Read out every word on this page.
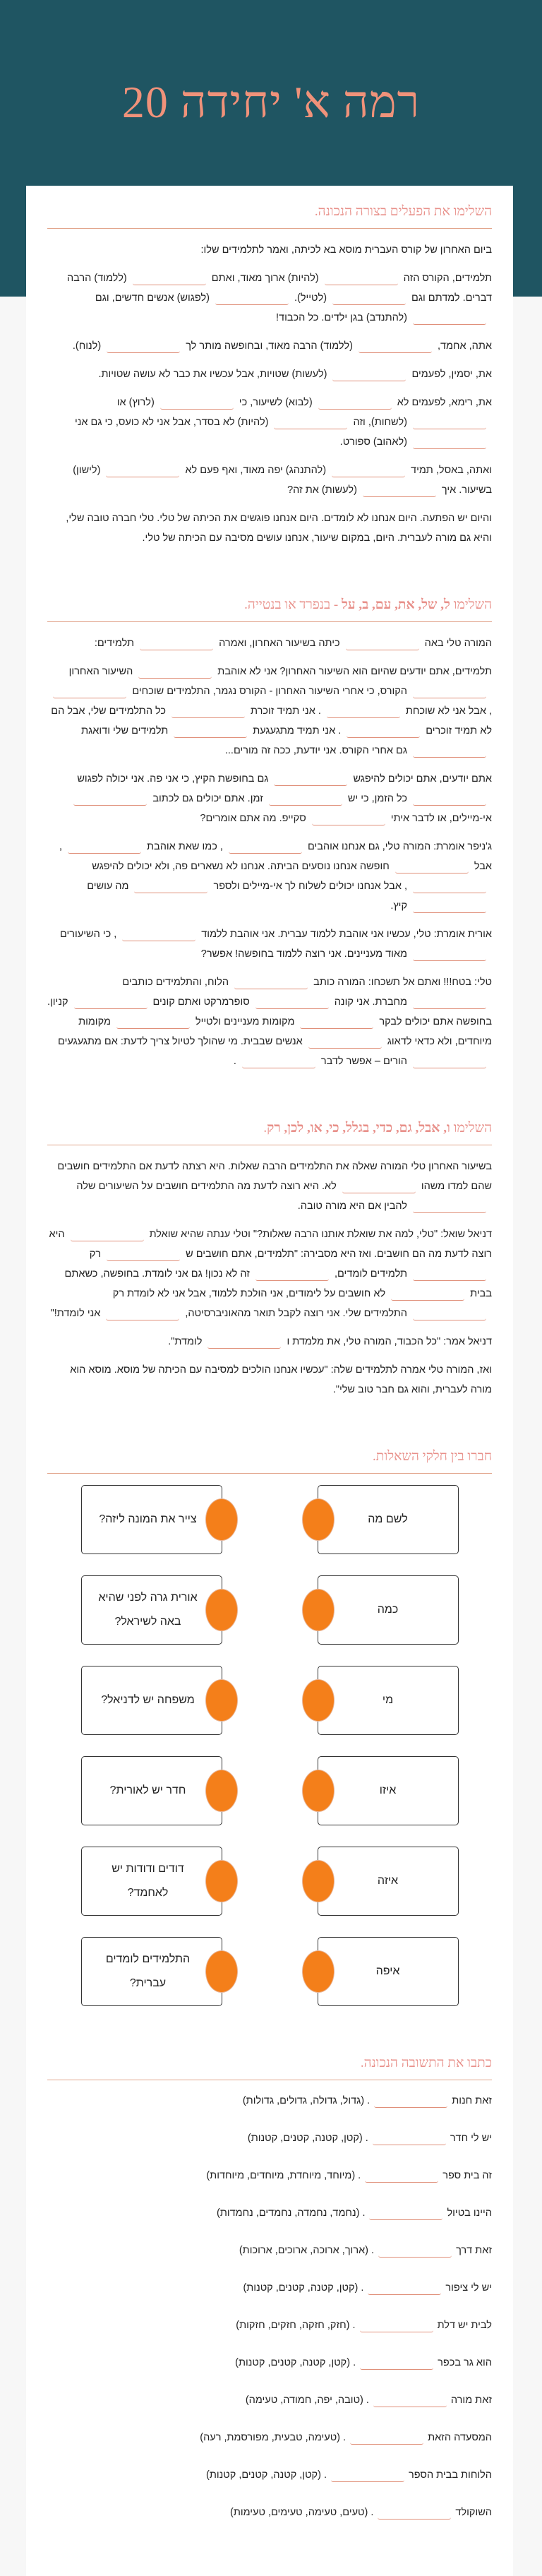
רמה א' יחידה 20
השלימו את הפעלים בצורה הנכונה.
ביום האחרון של קורס העברית מוסא בא לכיתה, ואמר לתלמידים שלו:
תלמידים, הקורס הזה(להיות) ארוך מאוד, ואתם(ללמוד) הרבה דברים. למדתם וגם(לטייל).(לפגוש) אנשים חדשים, וגם(להתנדב) בגן ילדים. כל הכבוד!
אתה, אחמד,(ללמוד) הרבה מאוד, ובחופשה מותר לך(לנוח).
את, יסמין, לפעמים(לעשות) שטויות, אבל עכשיו את כבר לא עושה שטויות.
את, רימא, לפעמים לא(לבוא) לשיעור, כי(לרוץ) או(לשחות), וזה(להיות) לא בסדר, אבל אני לא כועס, כי גם אני(לאהוב) ספורט.
ואתה, באסל, תמיד(להתנהג) יפה מאוד, ואף פעם לא(לישון) בשיעור. איך(לעשות) את זה?
והיום יש הפתעה. היום אנחנו לא לומדים. היום אנחנו פוגשים את הכיתה של טלי. טלי חברה טובה שלי, והיא גם מורה לעברית. היום, במקום שיעור, אנחנו עושים מסיבה עם הכיתה של טלי.
השלימו ל, של, את, עם, ב, על - בנפרד או בנטייה.
המורה טלי באהכיתה בשיעור האחרון, ואמרהתלמידים:
תלמידים, אתם יודעים שהיום הוא השיעור האחרון? אני לא אוהבתהשיעור האחרוןהקורס, כי אחרי השיעור האחרון - הקורס נגמר, התלמידים שוכחים, אבל אני לא שוכחת. אני תמיד זוכרתכל התלמידים שלי, אבל הם לא תמיד זוכרים. אני תמיד מתגעגעתתלמידים שלי ודואגתגם אחרי הקורס. אני יודעת, ככה זה מורים...
אתם יודעים, אתם יכולים להיפגשגם בחופשת הקיץ, כי אני פה. אני יכולה לפגושכל הזמן, כי ישזמן. אתם יכולים גם לכתובאי-מיילים, או לדבר איתיסקייפ. מה אתם אומרים?
ג'ניפר אומרת: המורה טלי, גם אנחנו אוהבים, כמו שאת אוהבת, אבלחופשה אנחנו נוסעים הביתה. אנחנו לא נשארים פה, ולא יכולים להיפגש, אבל אנחנו יכולים לשלוח לך אי-מיילים ולספרמה עושיםקיץ.
אורית אומרת: טלי, עכשיו אני אוהבת ללמוד עברית. אני אוהבת ללמוד, כי השיעוריםמאוד מעניינים. אני רוצה ללמוד בחופשה! אפשר?
טלי: בטח!!! ואתם אל תשכחו: המורה כותבהלוח, והתלמידים כותביםמחברת. אני קונהסופרמרקט ואתם קוניםקניון. בחופשה אתם יכולים לבקרמקומות מעניינים ולטיילמקומות מיוחדים, ולא כדאי לדאוגאנשים שבבית. מי שהולך לטיול צריך לדעת: אם מתגעגעיםהורים – אפשר לדבר.
השלימו ו, אבל, גם, כדי, בגלל, כי, או, לכן, רק.
בשיעור האחרון טלי המורה שאלה את התלמידים הרבה שאלות. היא רצתה לדעת אם התלמידים חושבים שהם למדו משהולא. היא רוצה לדעת מה התלמידים חושבים על השיעורים שלהלהבין אם היא מורה טובה.
דניאל שואל: "טלי, למה את שואלת אותנו הרבה שאלות?" וטלי ענתה שהיא שואלתהיא רוצה לדעת מה הם חושבים. ואז היא מסבירה: "תלמידים, אתם חושבים שרקתלמידים לומדים,זה לא נכון! גם אני לומדת. בחופשה, כשאתם בביתלא חושבים על לימודים, אני הולכת ללמוד, אבל אני לא לומדת רקהתלמידים שלי. אני רוצה לקבל תואר מהאוניברסיטה,אני לומדת!"
דניאל אמר: "כל הכבוד, המורה טלי, את מלמדת ולומדת".
ואז, המורה טלי אמרה לתלמידים שלה: "עכשיו אנחנו הולכים למסיבה עם הכיתה של מוסא. מוסא הוא מורה לעברית, והוא גם חבר טוב שלי".
חברו בין חלקי השאלות.
לשם מה
צייר את המונה ליזה?
כמה
אורית גרה לפני שהיא באה לשיראל?
מי
משפחה יש לדניאל?
איזו
חדר יש לאורית?
איזה
דודים ודודות יש לאחמד?
איפה
התלמידים לומדים עברית?
כתבו את התשובה הנכונה.
זאת חנות. (גדול, גדולה, גדולים, גדולות)
יש לי חדר. (קטן, קטנה, קטנים, קטנות)
זה בית ספר. (מיוחד, מיוחדת, מיוחדים, מיוחדות)
היינו בטיול. (נחמד, נחמדה, נחמדים, נחמדות)
זאת דרך. (ארוך, ארוכה, ארוכים, ארוכות)
יש לי ציפור. (קטן, קטנה, קטנים, קטנות)
לבית יש דלת. (חזק, חזקה, חזקים, חזקות)
הוא גר בכפר. (קטן, קטנה, קטנים, קטנות)
זאת מורה. (טובה, יפה, חמודה, טעימה)
המסעדה הזאת. (טעימה, טבעית, מפורסמת, רעה)
הלוחות בבית הספר. (קטן, קטנה, קטנים, קטנות)
השוקולד. (טעים, טעימה, טעימים, טעימות)
